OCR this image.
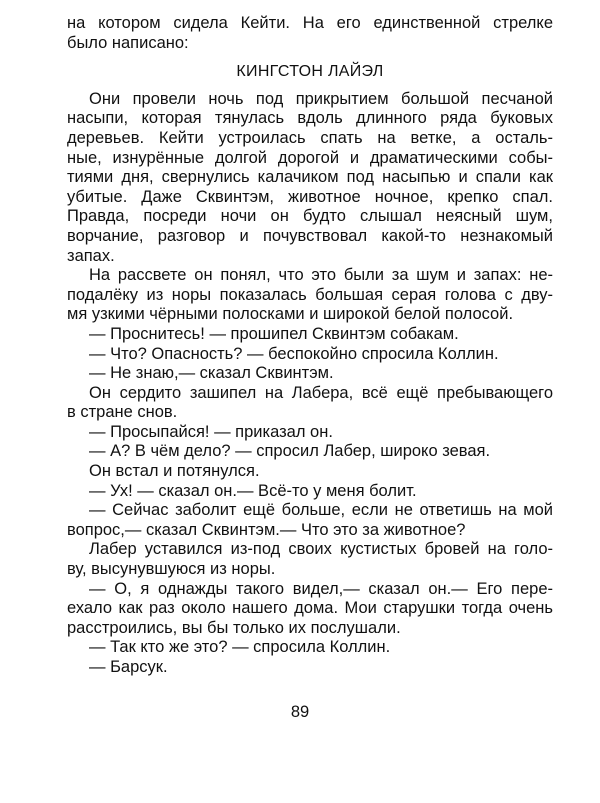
на котором сидела Кейти. На его единственной стрелке
было написано:
КИНГСТОН ЛАЙЭЛ
Они провели ночь под прикрытием большой песчаной
насыпи, которая тянулась вдоль длинного ряда буковых
деревьев. Кейти устроилась спать на ветке, а осталь-
ные, изнурённые долгой дорогой и драматическими собы-
тиями дня, свернулись калачиком под насыпью и спали как
убитые. Даже Сквинтэм, животное ночное, крепко спал.
Правда, посреди ночи он будто слышал неясный шум,
ворчание, разговор и почувствовал какой-то незнакомый
запах.
На рассвете он понял, что это были за шум и запах: не-
подалёку из норы показалась большая серая голова с дву-
мя узкими чёрными полосками и широкой белой полосой.
— Проснитесь! — прошипел Сквинтэм собакам.
— Что? Опасность? — беспокойно спросила Коллин.
— Не знаю,— сказал Сквинтэм.
Он сердито зашипел на Лабера, всё ещё пребывающего
в стране снов.
— Просыпайся! — приказал он.
— А? В чём дело? — спросил Лабер, широко зевая.
Он встал и потянулся.
— Ух! — сказал он.— Всё-то у меня болит.
— Сейчас заболит ещё больше, если не ответишь на мой
вопрос,— сказал Сквинтэм.— Что это за животное?
Лабер уставился из-под своих кустистых бровей на голо-
ву, высунувшуюся из норы.
— О, я однажды такого видел,— сказал он.— Его пере-
ехало как раз около нашего дома. Мои старушки тогда очень
расстроились, вы бы только их послушали.
— Так кто же это? — спросила Коллин.
— Барсук.
89
